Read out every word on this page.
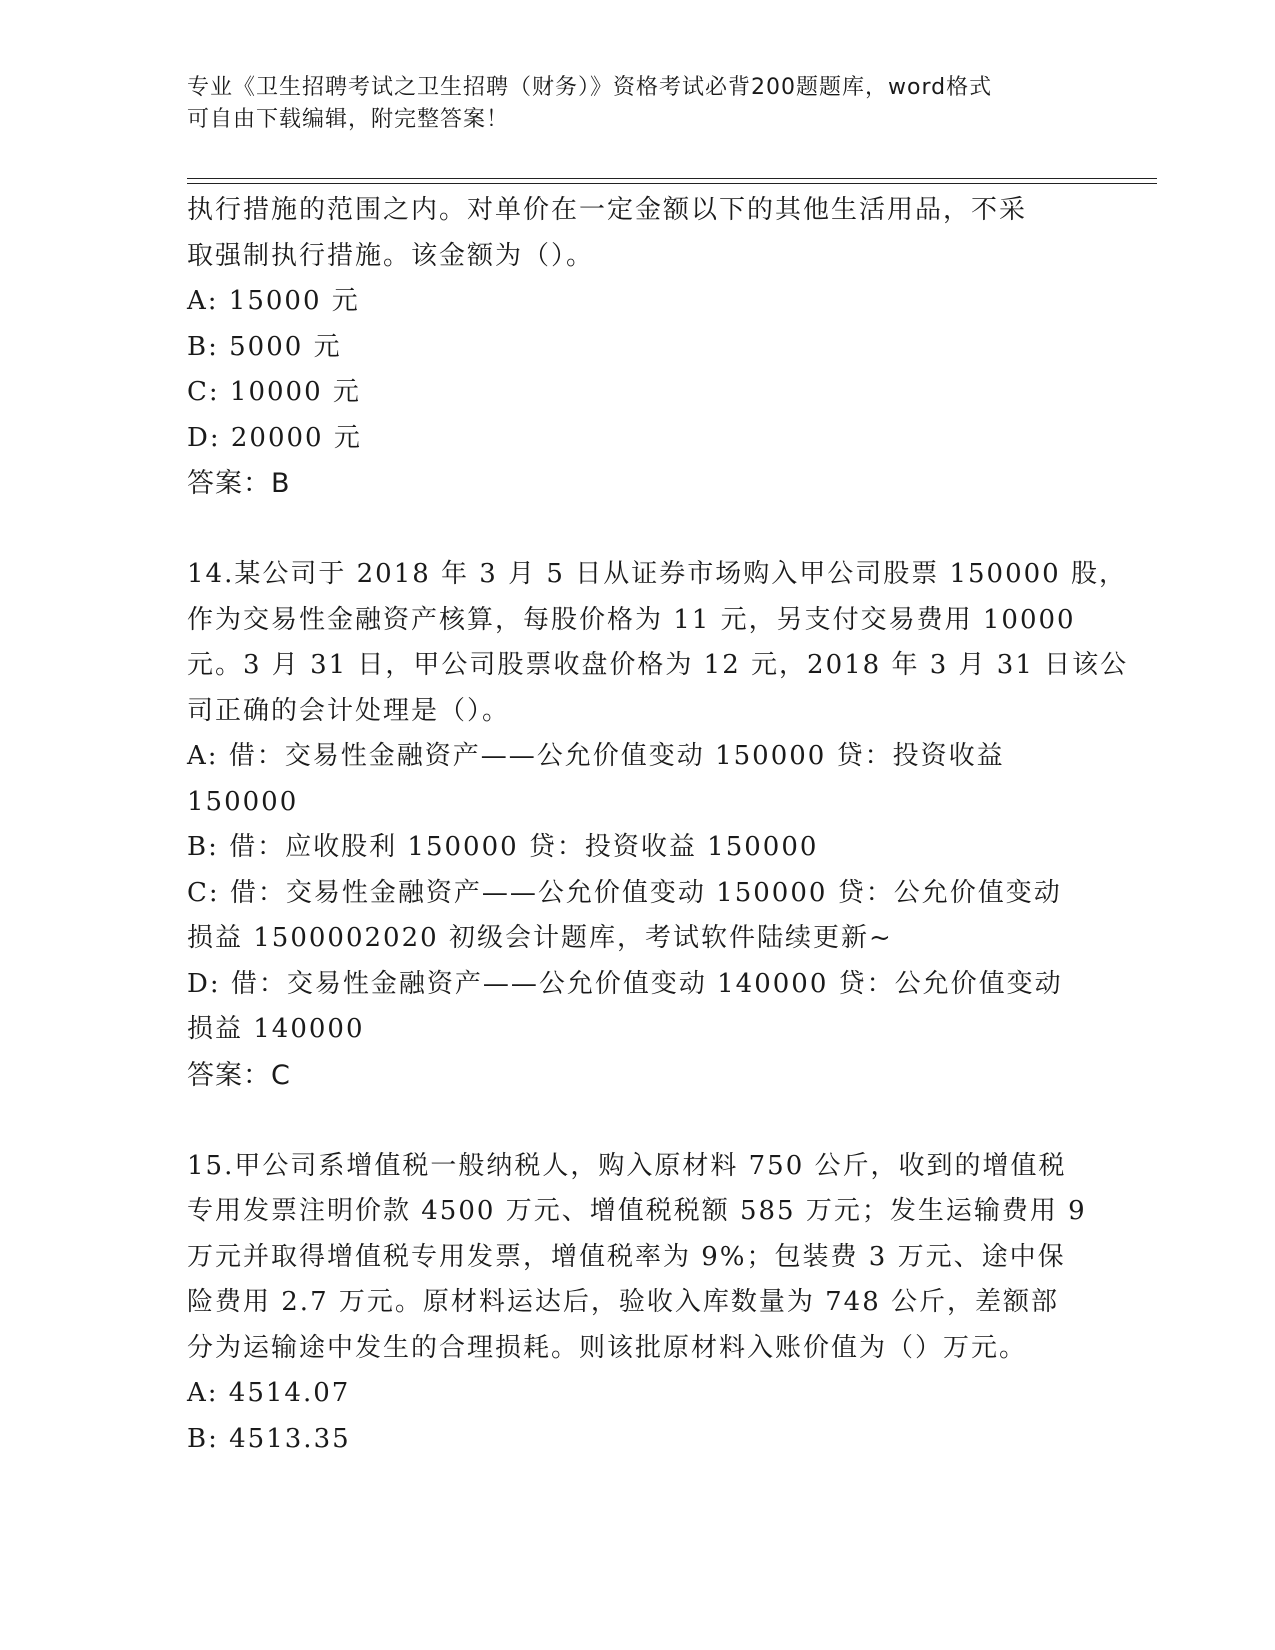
专业《卫生招聘考试之卫生招聘（财务）》资格考试必背200题题库，word格式
可自由下载编辑，附完整答案！
执行措施的范围之内。对单价在一定金额以下的其他生活用品，不采
取强制执行措施。该金额为（）。
A: 15000 元
B: 5000 元
C: 10000 元
D: 20000 元
答案：B
14.某公司于 2018 年 3 月 5 日从证券市场购入甲公司股票 150000 股，
作为交易性金融资产核算，每股价格为 11 元，另支付交易费用 10000
元。3 月 31 日，甲公司股票收盘价格为 12 元，2018 年 3 月 31 日该公
司正确的会计处理是（）。
A: 借：交易性金融资产——公允价值变动 150000 贷：投资收益
150000
B: 借：应收股利 150000 贷：投资收益 150000
C: 借：交易性金融资产——公允价值变动 150000 贷：公允价值变动
损益 1500002020 初级会计题库，考试软件陆续更新~
D: 借：交易性金融资产——公允价值变动 140000 贷：公允价值变动
损益 140000
答案：C
15.甲公司系增值税一般纳税人，购入原材料 750 公斤，收到的增值税
专用发票注明价款 4500 万元、增值税税额 585 万元；发生运输费用 9
万元并取得增值税专用发票，增值税率为 9%；包装费 3 万元、途中保
险费用 2.7 万元。原材料运达后，验收入库数量为 748 公斤，差额部
分为运输途中发生的合理损耗。则该批原材料入账价值为（）万元。
A: 4514.07
B: 4513.35
